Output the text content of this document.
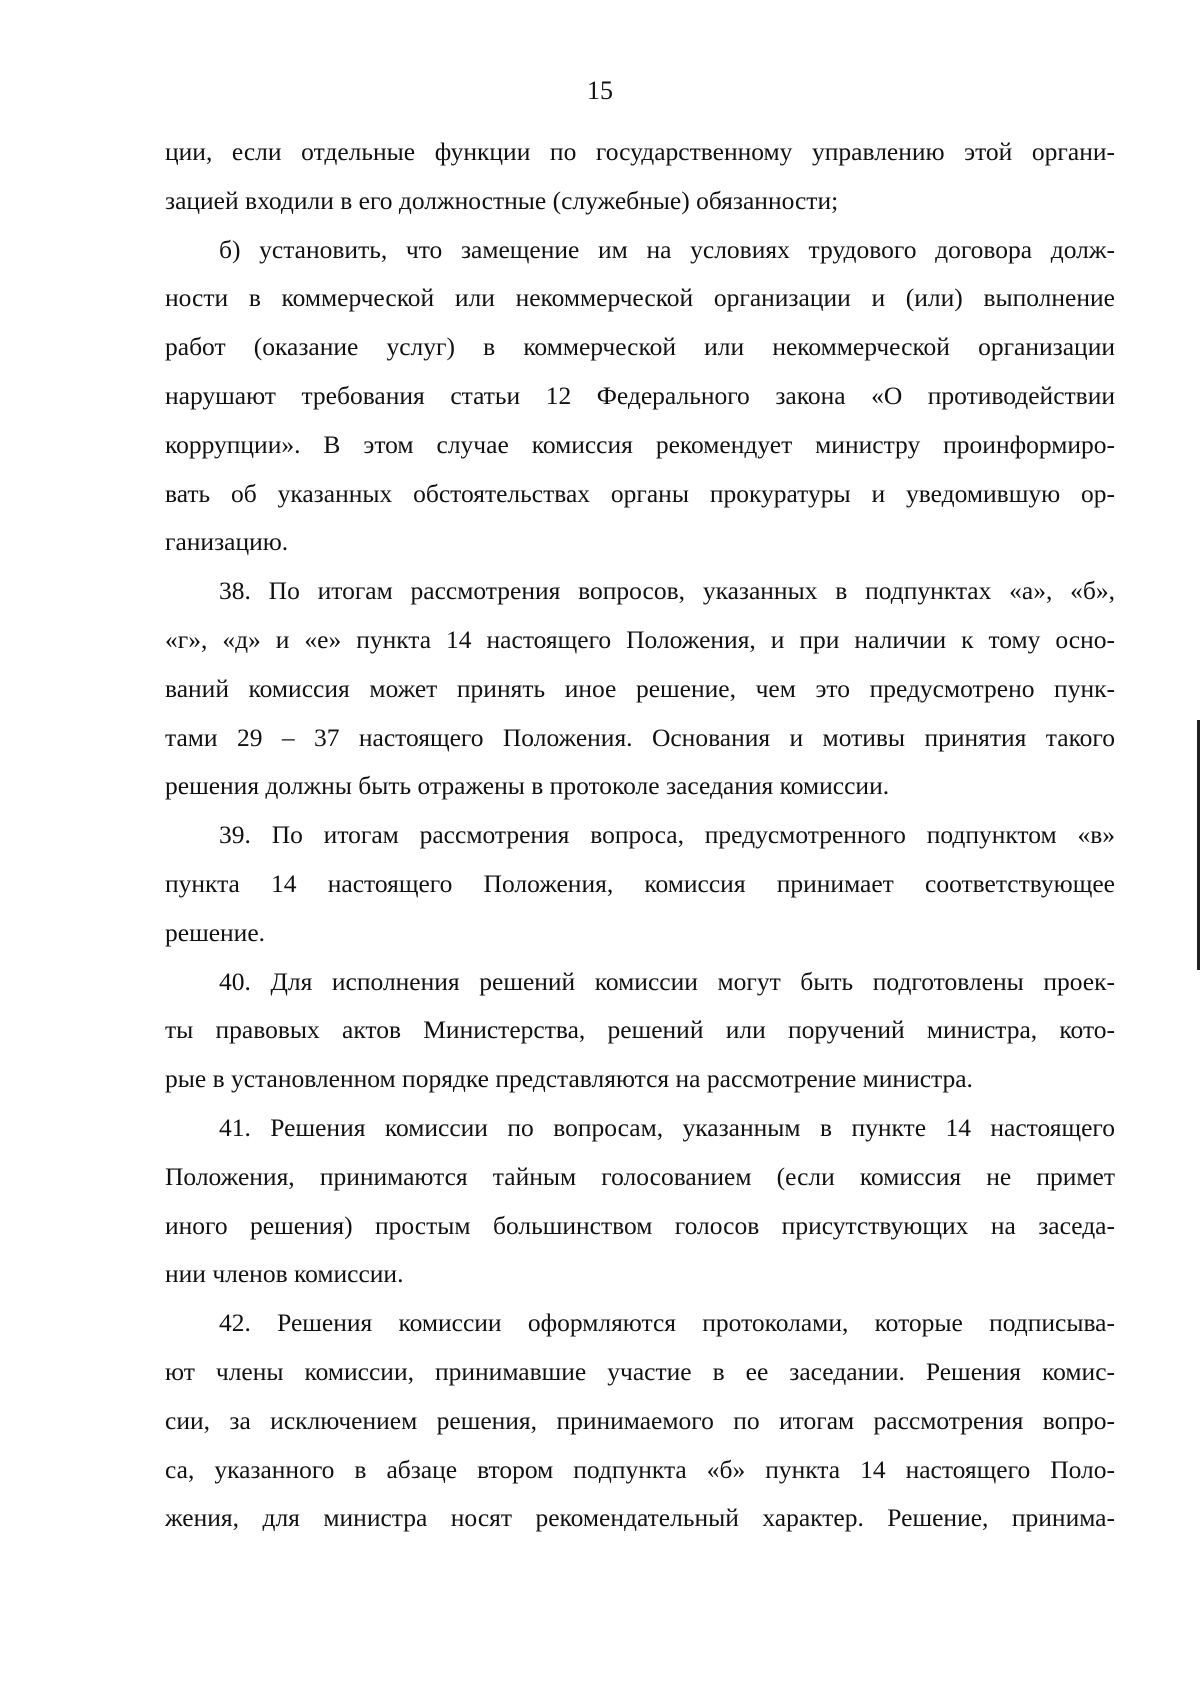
15
ции, если отдельные функции по государственному управлению этой органи-
зацией входили в его должностные (служебные) обязанности;
б) установить, что замещение им на условиях трудового договора долж-
ности в коммерческой или некоммерческой организации и (или) выполнение
работ (оказание услуг) в коммерческой или некоммерческой организации
нарушают требования статьи 12 Федерального закона «О противодействии
коррупции». В этом случае комиссия рекомендует министру проинформиро-
вать об указанных обстоятельствах органы прокуратуры и уведомившую ор-
ганизацию.
38. По итогам рассмотрения вопросов, указанных в подпунктах «а», «б»,
«г», «д» и «е» пункта 14 настоящего Положения, и при наличии к тому осно-
ваний комиссия может принять иное решение, чем это предусмотрено пунк-
тами 29 – 37 настоящего Положения. Основания и мотивы принятия такого
решения должны быть отражены в протоколе заседания комиссии.
39. По итогам рассмотрения вопроса, предусмотренного подпунктом «в»
пункта 14 настоящего Положения, комиссия принимает соответствующее
решение.
40. Для исполнения решений комиссии могут быть подготовлены проек-
ты правовых актов Министерства, решений или поручений министра, кото-
рые в установленном порядке представляются на рассмотрение министра.
41. Решения комиссии по вопросам, указанным в пункте 14 настоящего
Положения, принимаются тайным голосованием (если комиссия не примет
иного решения) простым большинством голосов присутствующих на заседа-
нии членов комиссии.
42. Решения комиссии оформляются протоколами, которые подписыва-
ют члены комиссии, принимавшие участие в ее заседании. Решения комис-
сии, за исключением решения, принимаемого по итогам рассмотрения вопро-
са, указанного в абзаце втором подпункта «б» пункта 14 настоящего Поло-
жения, для министра носят рекомендательный характер. Решение, принима-
